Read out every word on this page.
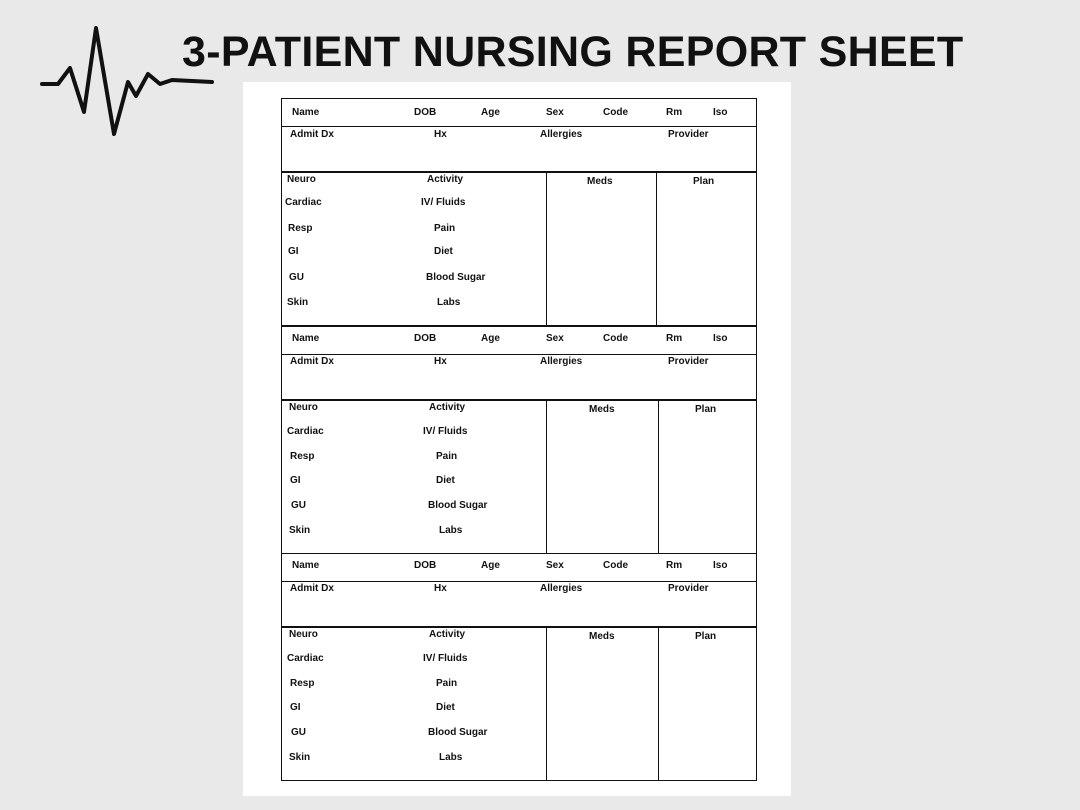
3-PATIENT NURSING REPORT SHEET
Name	DOB	Age	Sex	Code	Rm	Iso
Admit Dx	Hx	Allergies	Provider
Neuro	Activity	Meds	Plan
Cardiac	IV/ Fluids
Resp	Pain
GI	Diet
GU	Blood Sugar
Skin	Labs
Name	DOB	Age	Sex	Code	Rm	Iso
Admit Dx	Hx	Allergies	Provider
Neuro	Activity	Meds	Plan
Cardiac	IV/ Fluids
Resp	Pain
GI	Diet
GU	Blood Sugar
Skin	Labs
Name	DOB	Age	Sex	Code	Rm	Iso
Admit Dx	Hx	Allergies	Provider
Neuro	Activity	Meds	Plan
Cardiac	IV/ Fluids
Resp	Pain
GI	Diet
GU	Blood Sugar
Skin	Labs
